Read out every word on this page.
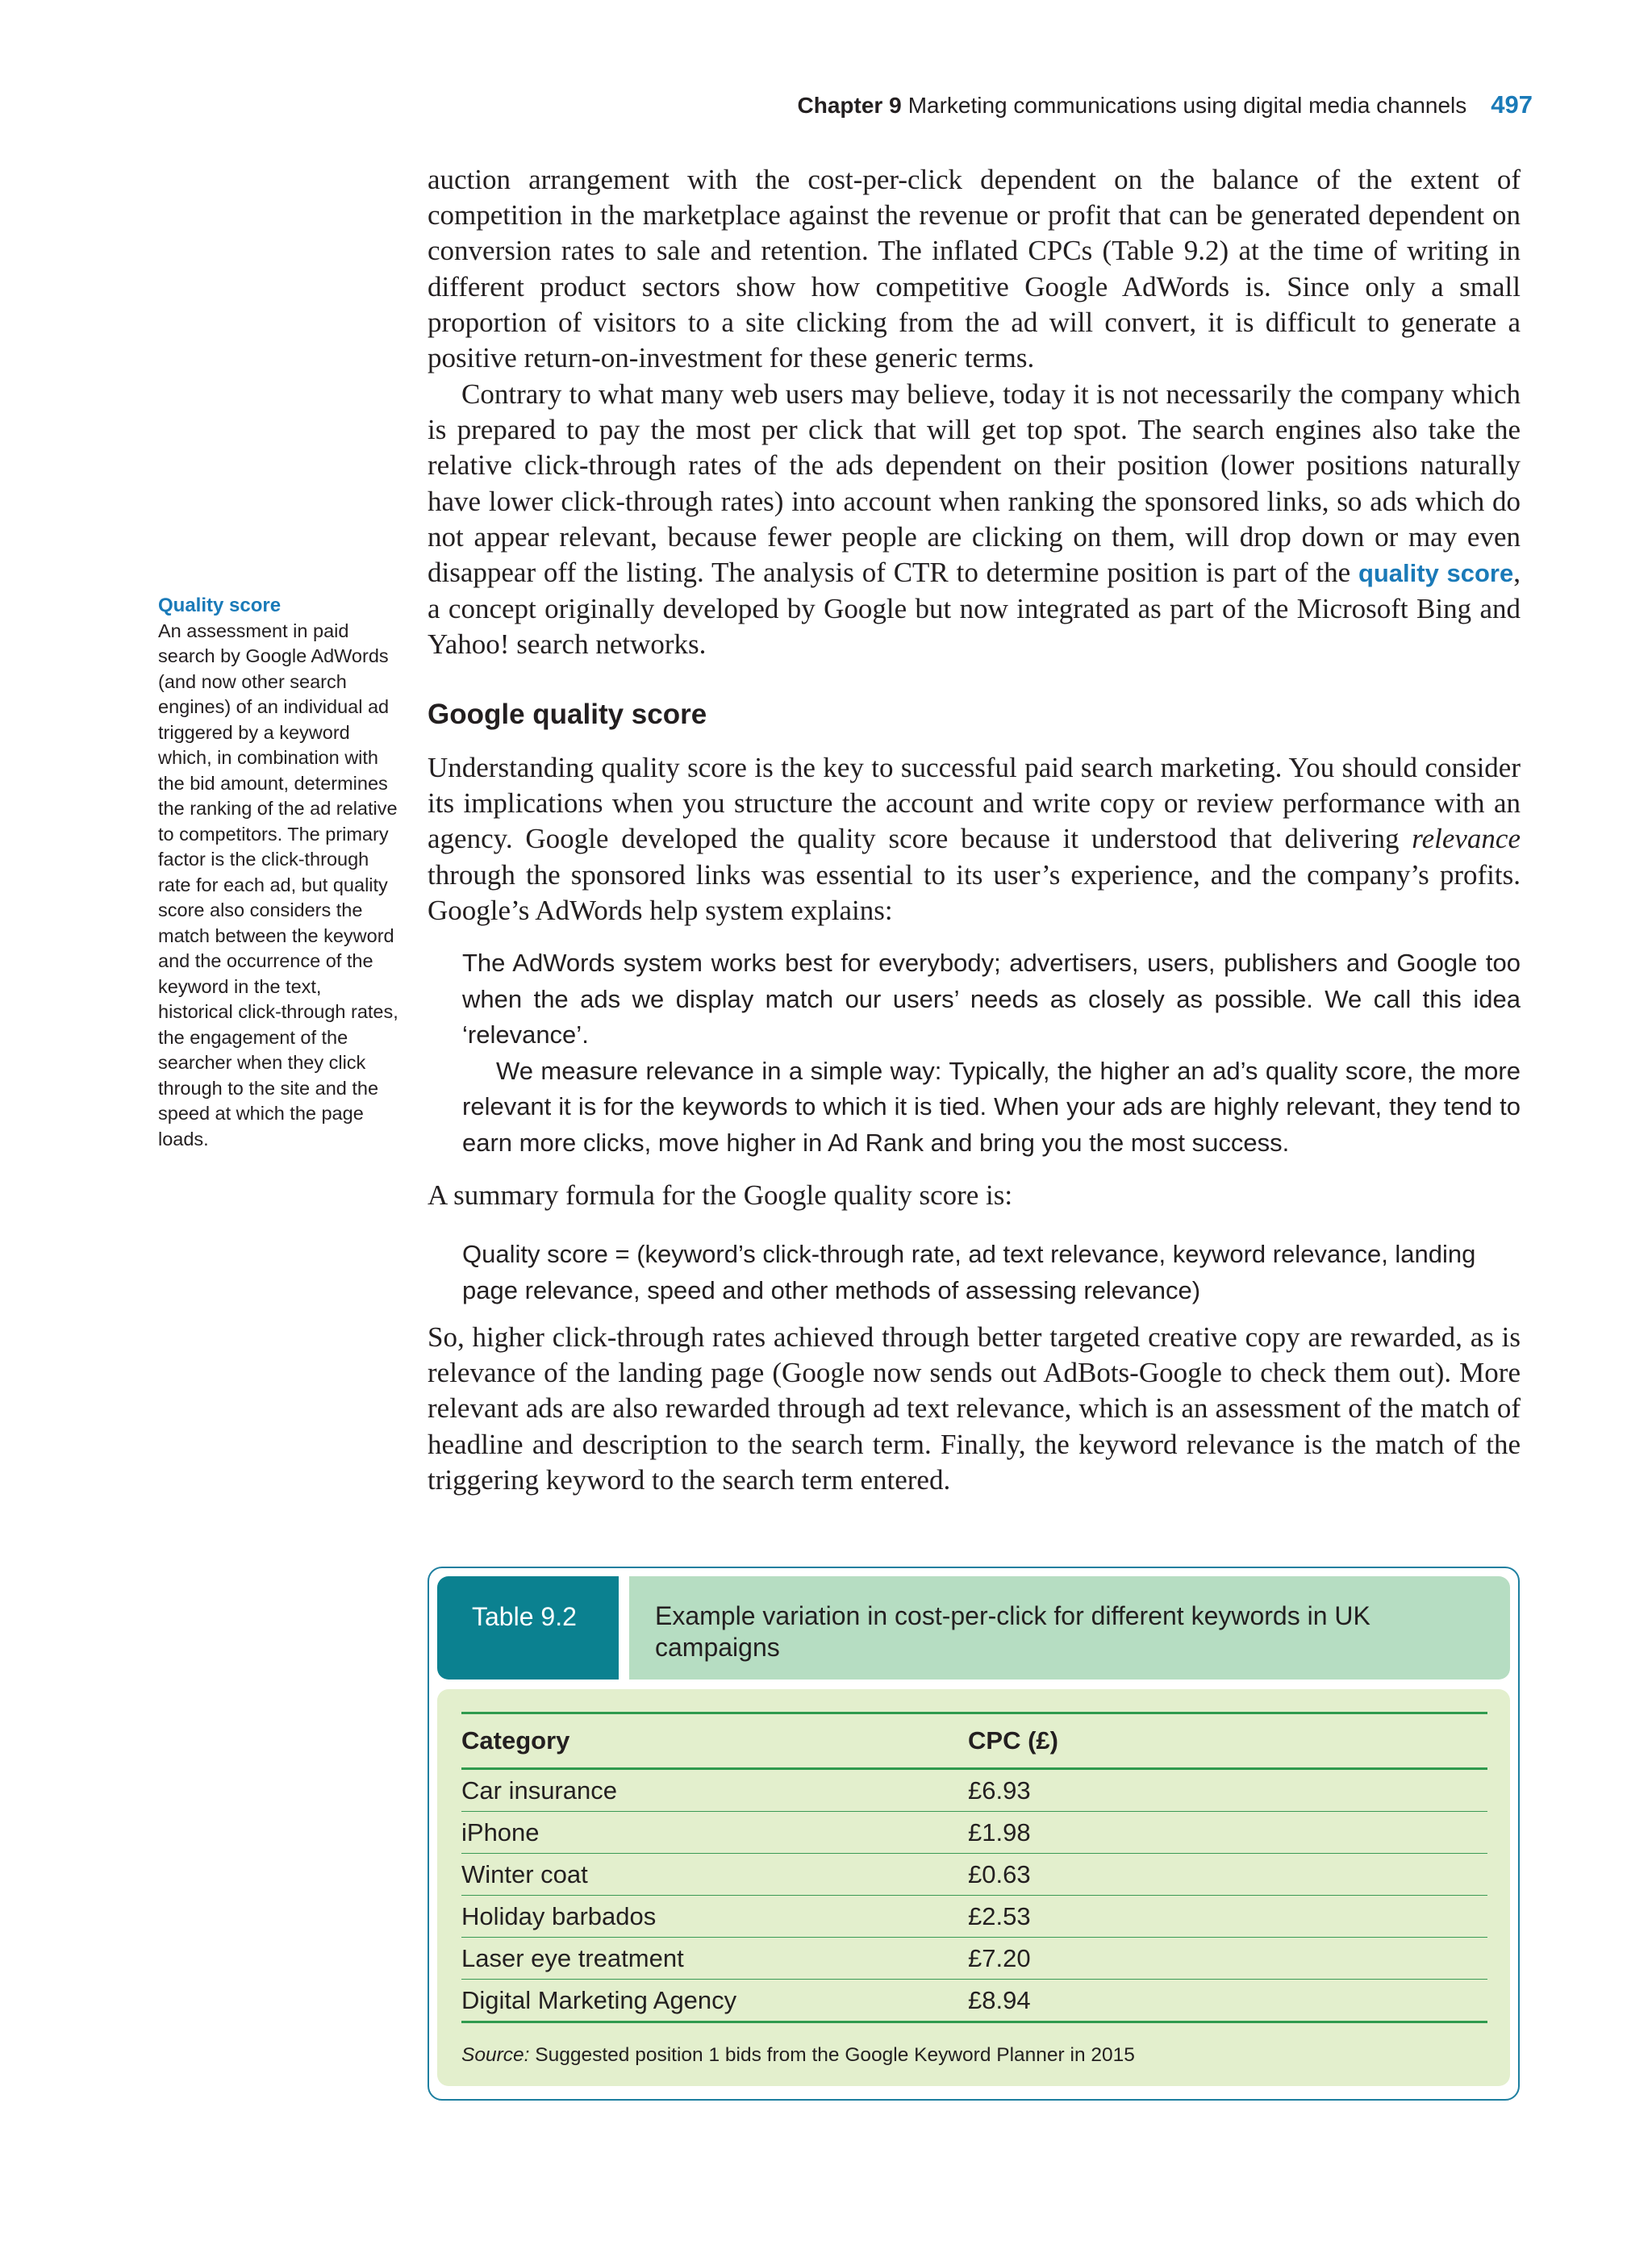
Chapter 9 Marketing communications using digital media channels 497
Quality score
An assessment in paid search by Google AdWords (and now other search engines) of an individual ad triggered by a keyword which, in combination with the bid amount, determines the ranking of the ad relative to competitors. The primary factor is the click-through rate for each ad, but quality score also considers the match between the keyword and the occurrence of the keyword in the text, historical click-through rates, the engagement of the searcher when they click through to the site and the speed at which the page loads.

auction arrangement with the cost-per-click dependent on the balance of the extent of competition in the marketplace against the revenue or profit that can be generated dependent on conversion rates to sale and retention. The inflated CPCs (Table 9.2) at the time of writing in different product sectors show how competitive Google AdWords is. Since only a small proportion of visitors to a site clicking from the ad will convert, it is difficult to generate a positive return-on-investment for these generic terms.

Contrary to what many web users may believe, today it is not necessarily the company which is prepared to pay the most per click that will get top spot. The search engines also take the relative click-through rates of the ads dependent on their position (lower positions naturally have lower click-through rates) into account when ranking the sponsored links, so ads which do not appear relevant, because fewer people are clicking on them, will drop down or may even disappear off the listing. The analysis of CTR to determine position is part of the quality score, a concept originally developed by Google but now integrated as part of the Microsoft Bing and Yahoo! search networks.

Google quality score

Understanding quality score is the key to successful paid search marketing. You should consider its implications when you structure the account and write copy or review performance with an agency. Google developed the quality score because it understood that delivering relevance through the sponsored links was essential to its user’s experience, and the company’s profits. Google’s AdWords help system explains:

The AdWords system works best for everybody; advertisers, users, publishers and Google too when the ads we display match our users’ needs as closely as possible. We call this idea ‘relevance’.

We measure relevance in a simple way: Typically, the higher an ad’s quality score, the more relevant it is for the keywords to which it is tied. When your ads are highly relevant, they tend to earn more clicks, move higher in Ad Rank and bring you the most success.

A summary formula for the Google quality score is:

Quality score = (keyword’s click-through rate, ad text relevance, keyword relevance, landing page relevance, speed and other methods of assessing relevance)

So, higher click-through rates achieved through better targeted creative copy are rewarded, as is relevance of the landing page (Google now sends out AdBots-Google to check them out). More relevant ads are also rewarded through ad text relevance, which is an assessment of the match of headline and description to the search term. Finally, the keyword relevance is the match of the triggering keyword to the search term entered.

Table 9.2	Example variation in cost-per-click for different keywords in UK campaigns
Category	CPC (£)
Car insurance	£6.93
iPhone	£1.98
Winter coat	£0.63
Holiday barbados	£2.53
Laser eye treatment	£7.20
Digital Marketing Agency	£8.94
Source: Suggested position 1 bids from the Google Keyword Planner in 2015
